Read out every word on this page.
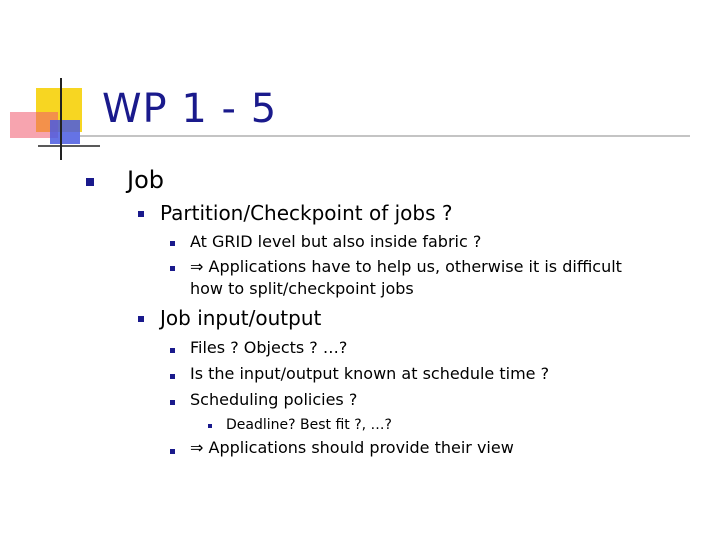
WP 1 - 5
Job
Partition/Checkpoint of jobs ?
At GRID level but also inside fabric ?
⇒ Applications have to help us, otherwise it is difficult
how to split/checkpoint jobs
Job input/output
Files ? Objects ? …?
Is the input/output known at schedule time ?
Scheduling policies ?
Deadline? Best fit ?, …?
⇒ Applications should provide their view
